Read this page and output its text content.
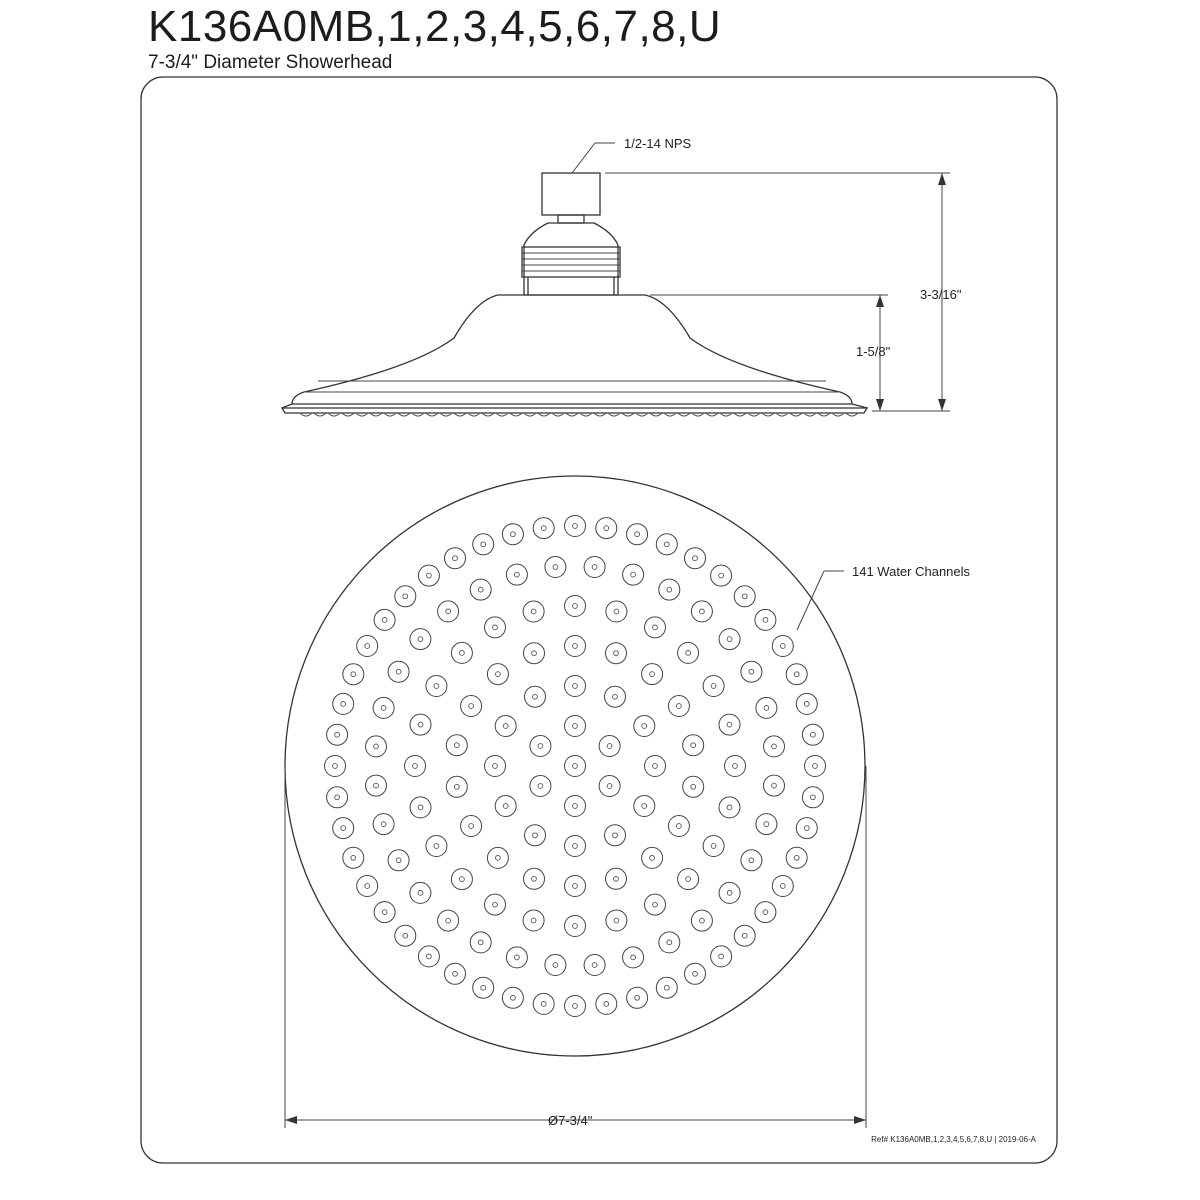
K136A0MB,1,2,3,4,5,6,7,8,U
7-3/4" Diameter Showerhead
1/2-14 NPS
3-3/16"
1-5/8"
141 Water Channels
Ø7-3/4"
Ref# K136A0MB,1,2,3,4,5,6,7,8,U | 2019-06-A
